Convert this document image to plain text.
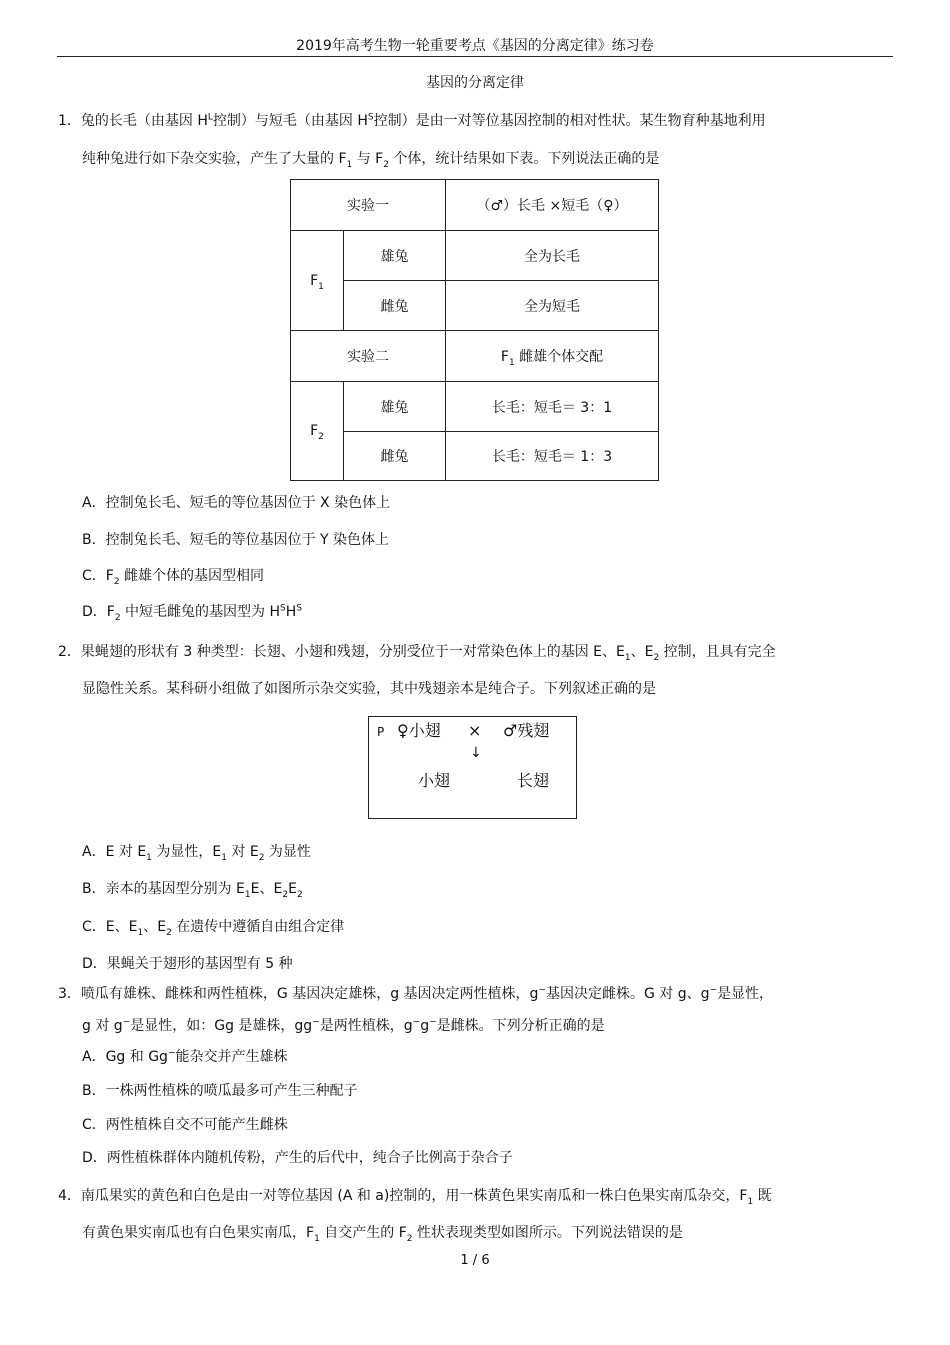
2019年高考生物一轮重要考点《基因的分离定律》练习卷
基因的分离定律
1．兔的长毛（由基因 $H^L$控制）与短毛（由基因 $H^S$控制）是由一对等位基因控制的相对性状。某生物育种基地利用
纯种兔进行如下杂交实验，产生了大量的 $F_1$ 与 $F_2$ 个体，统计结果如下表。下列说法正确的是
实验一		（♂）长毛 ×短毛（♀）
$F_1$	雄兔	全为长毛
	雌兔	全为短毛
实验二		$F_1$ 雌雄个体交配
$F_2$	雄兔	长毛：短毛＝ 3：1
	雌兔	长毛：短毛＝ 1：3
A．控制兔长毛、短毛的等位基因位于 X 染色体上
B．控制兔长毛、短毛的等位基因位于 Y 染色体上
C．$F_2$ 雌雄个体的基因型相同
D．$F_2$ 中短毛雌兔的基因型为 $H^SH^S$
2．果蝇翅的形状有 3 种类型：长翅、小翅和残翅，分别受位于一对常染色体上的基因 E、$E_1$、$E_2$ 控制，且具有完全
显隐性关系。某科研小组做了如图所示杂交实验，其中残翅亲本是纯合子。下列叙述正确的是
P ♀小翅 × ♂残翅
↓
小翅	长翅
A．E 对 $E_1$ 为显性，$E_1$ 对 $E_2$ 为显性
B．亲本的基因型分别为 $E_1E$、$E_2E_2$
C．E、$E_1$、$E_2$ 在遗传中遵循自由组合定律
D．果蝇关于翅形的基因型有 5 种
3．喷瓜有雄株、雌株和两性植株，G 基因决定雄株，g 基因决定两性植株，g−基因决定雌株。G 对 g、g−是显性，
g 对 g−是显性，如：Gg 是雄株，gg−是两性植株，g−g−是雌株。下列分析正确的是
A．Gg 和 Gg−能杂交并产生雄株
B．一株两性植株的喷瓜最多可产生三种配子
C．两性植株自交不可能产生雌株
D．两性植株群体内随机传粉，产生的后代中，纯合子比例高于杂合子
4．南瓜果实的黄色和白色是由一对等位基因 (A 和 a)控制的，用一株黄色果实南瓜和一株白色果实南瓜杂交，$F_1$ 既
有黄色果实南瓜也有白色果实南瓜，$F_1$ 自交产生的 $F_2$ 性状表现类型如图所示。下列说法错误的是
1 / 6
